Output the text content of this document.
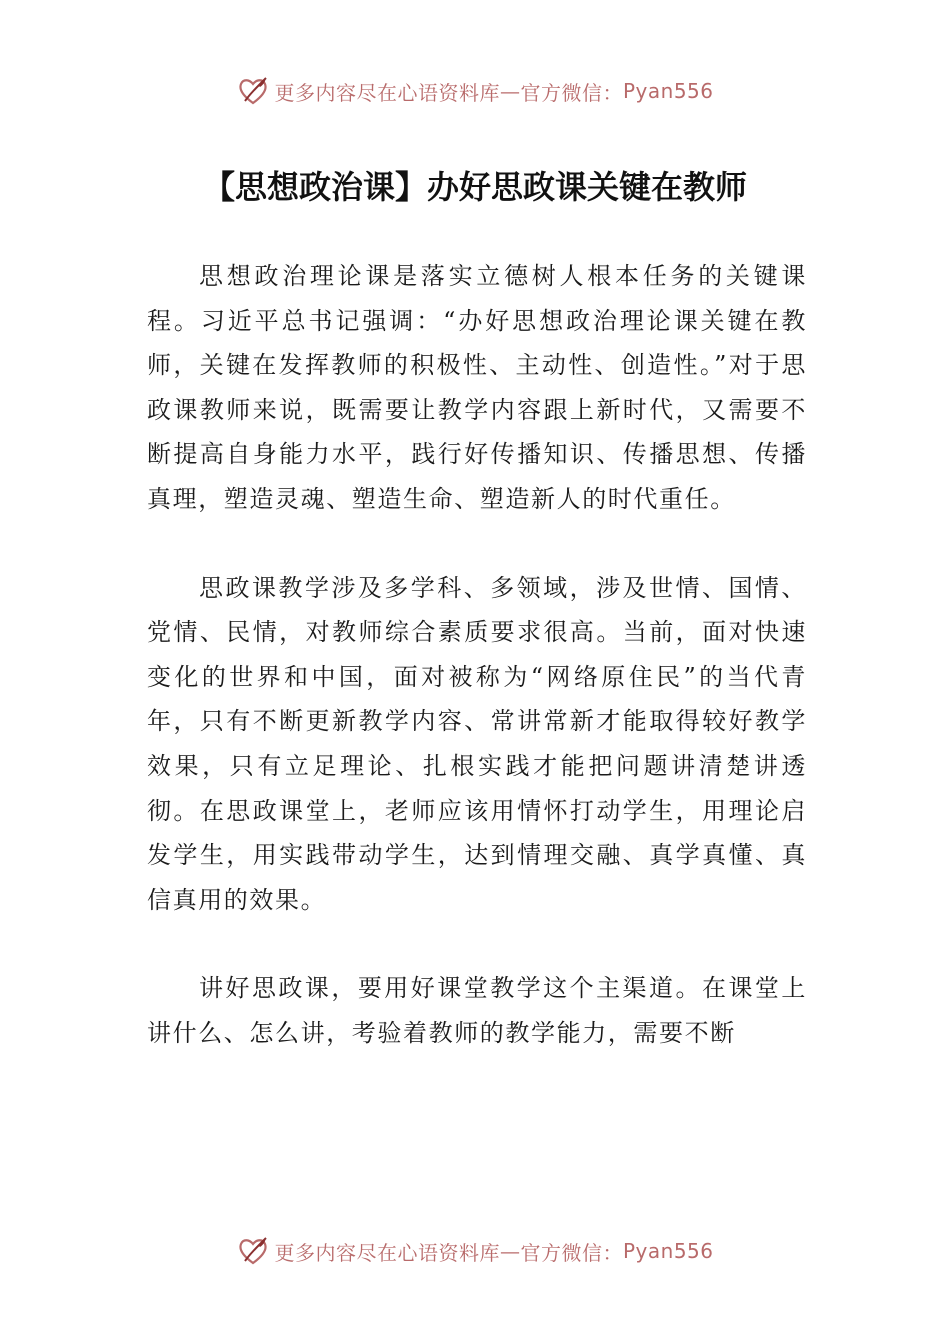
更多内容尽在心语资料库 — 官方微信： Pyan556
【思想政治课】办好思政课关键在教师

思想政治理论课是落实立德树人根本任务的关键课程。习近平总书记强调：“办好思想政治理论课关键在教师，关键在发挥教师的积极性、主动性、创造性。”对于思政课教师来说，既需要让教学内容跟上新时代，又需要不断提高自身能力水平，践行好传播知识、传播思想、传播真理，塑造灵魂、塑造生命、塑造新人的时代重任。

思政课教学涉及多学科、多领域，涉及世情、国情、党情、民情，对教师综合素质要求很高。当前，面对快速变化的世界和中国，面对被称为“网络原住民”的当代青年，只有不断更新教学内容、常讲常新才能取得较好教学效果，只有立足理论、扎根实践才能把问题讲清楚讲透彻。在思政课堂上，老师应该用情怀打动学生，用理论启发学生，用实践带动学生，达到情理交融、真学真懂、真信真用的效果。

讲好思政课，要用好课堂教学这个主渠道。在课堂上讲什么、怎么讲，考验着教师的教学能力，需要不断

更多内容尽在心语资料库 — 官方微信： Pyan556
